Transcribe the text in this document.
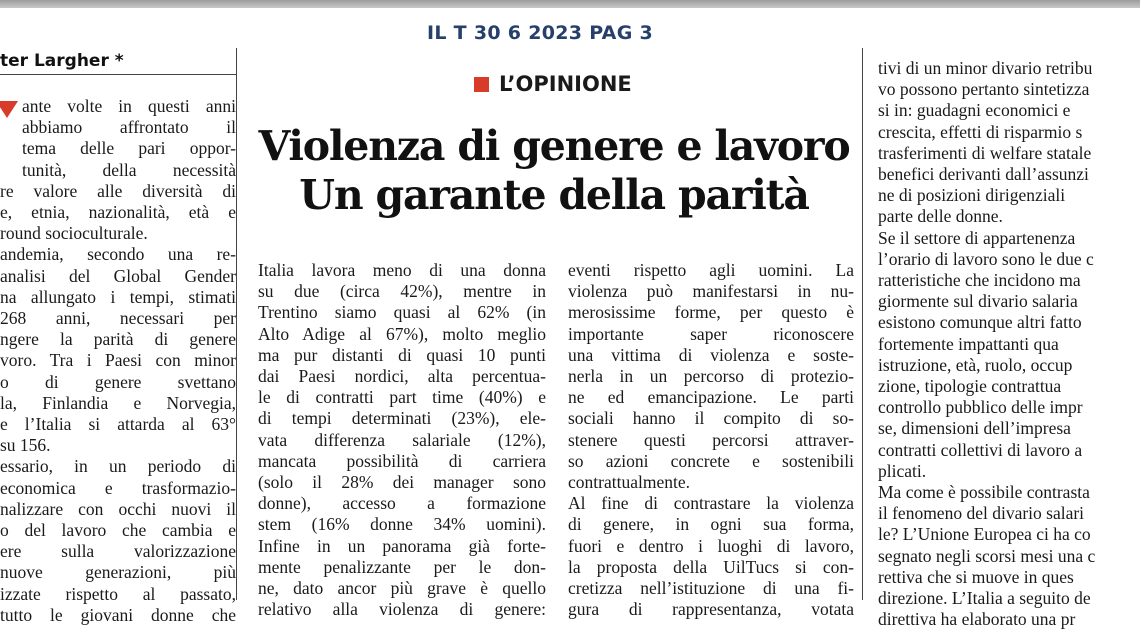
IL T 30 6 2023 PAG 3
ter Largher *
L’OPINIONE
Violenza di genere e lavoro
Un garante della parità
ante volte in questi anni
abbiamo affrontato il
tema delle pari oppor-
tunità, della necessità
re valore alle diversità di
e, etnia, nazionalità, età e
round socioculturale.
andemia, secondo una re-
analisi del Global Gender
na allungato i tempi, stimati
268 anni, necessari per
ngere la parità di genere
voro. Tra i Paesi con minor
o di genere svettano
la, Finlandia e Norvegia,
e l’Italia si attarda al 63°
su 156.
essario, in un periodo di
economica e trasformazio-
nalizzare con occhi nuovi il
o del lavoro che cambia e
ere sulla valorizzazione
nuove generazioni, più
izzate rispetto al passato,
tutto le giovani donne che
Italia lavora meno di una donna
su due (circa 42%), mentre in
Trentino siamo quasi al 62% (in
Alto Adige al 67%), molto meglio
ma pur distanti di quasi 10 punti
dai Paesi nordici, alta percentua-
le di contratti part time (40%) e
di tempi determinati (23%), ele-
vata differenza salariale (12%),
mancata possibilità di carriera
(solo il 28% dei manager sono
donne), accesso a formazione
stem (16% donne 34% uomini).
Infine in un panorama già forte-
mente penalizzante per le don-
ne, dato ancor più grave è quello
relativo alla violenza di genere:
eventi rispetto agli uomini. La
violenza può manifestarsi in nu-
merosissime forme, per questo è
importante saper riconoscere
una vittima di violenza e soste-
nerla in un percorso di protezio-
ne ed emancipazione. Le parti
sociali hanno il compito di so-
stenere questi percorsi attraver-
so azioni concrete e sostenibili
contrattualmente.
Al fine di contrastare la violenza
di genere, in ogni sua forma,
fuori e dentro i luoghi di lavoro,
la proposta della UilTucs si con-
cretizza nell’istituzione di una fi-
gura di rappresentanza, votata
tivi di un minor divario retribu
vo possono pertanto sintetizza
si in: guadagni economici e
crescita, effetti di risparmio s
trasferimenti di welfare statale
benefici derivanti dall’assunzi
ne di posizioni dirigenziali
parte delle donne.
Se il settore di appartenenza
l’orario di lavoro sono le due c
ratteristiche che incidono ma
giormente sul divario salaria
esistono comunque altri fatto
fortemente impattanti qua
istruzione, età, ruolo, occup
zione, tipologie contrattua
controllo pubblico delle impr
se, dimensioni dell’impresa
contratti collettivi di lavoro a
plicati.
Ma come è possibile contrasta
il fenomeno del divario salari
le? L’Unione Europea ci ha co
segnato negli scorsi mesi una c
rettiva che si muove in ques
direzione. L’Italia a seguito de
direttiva ha elaborato una pr
